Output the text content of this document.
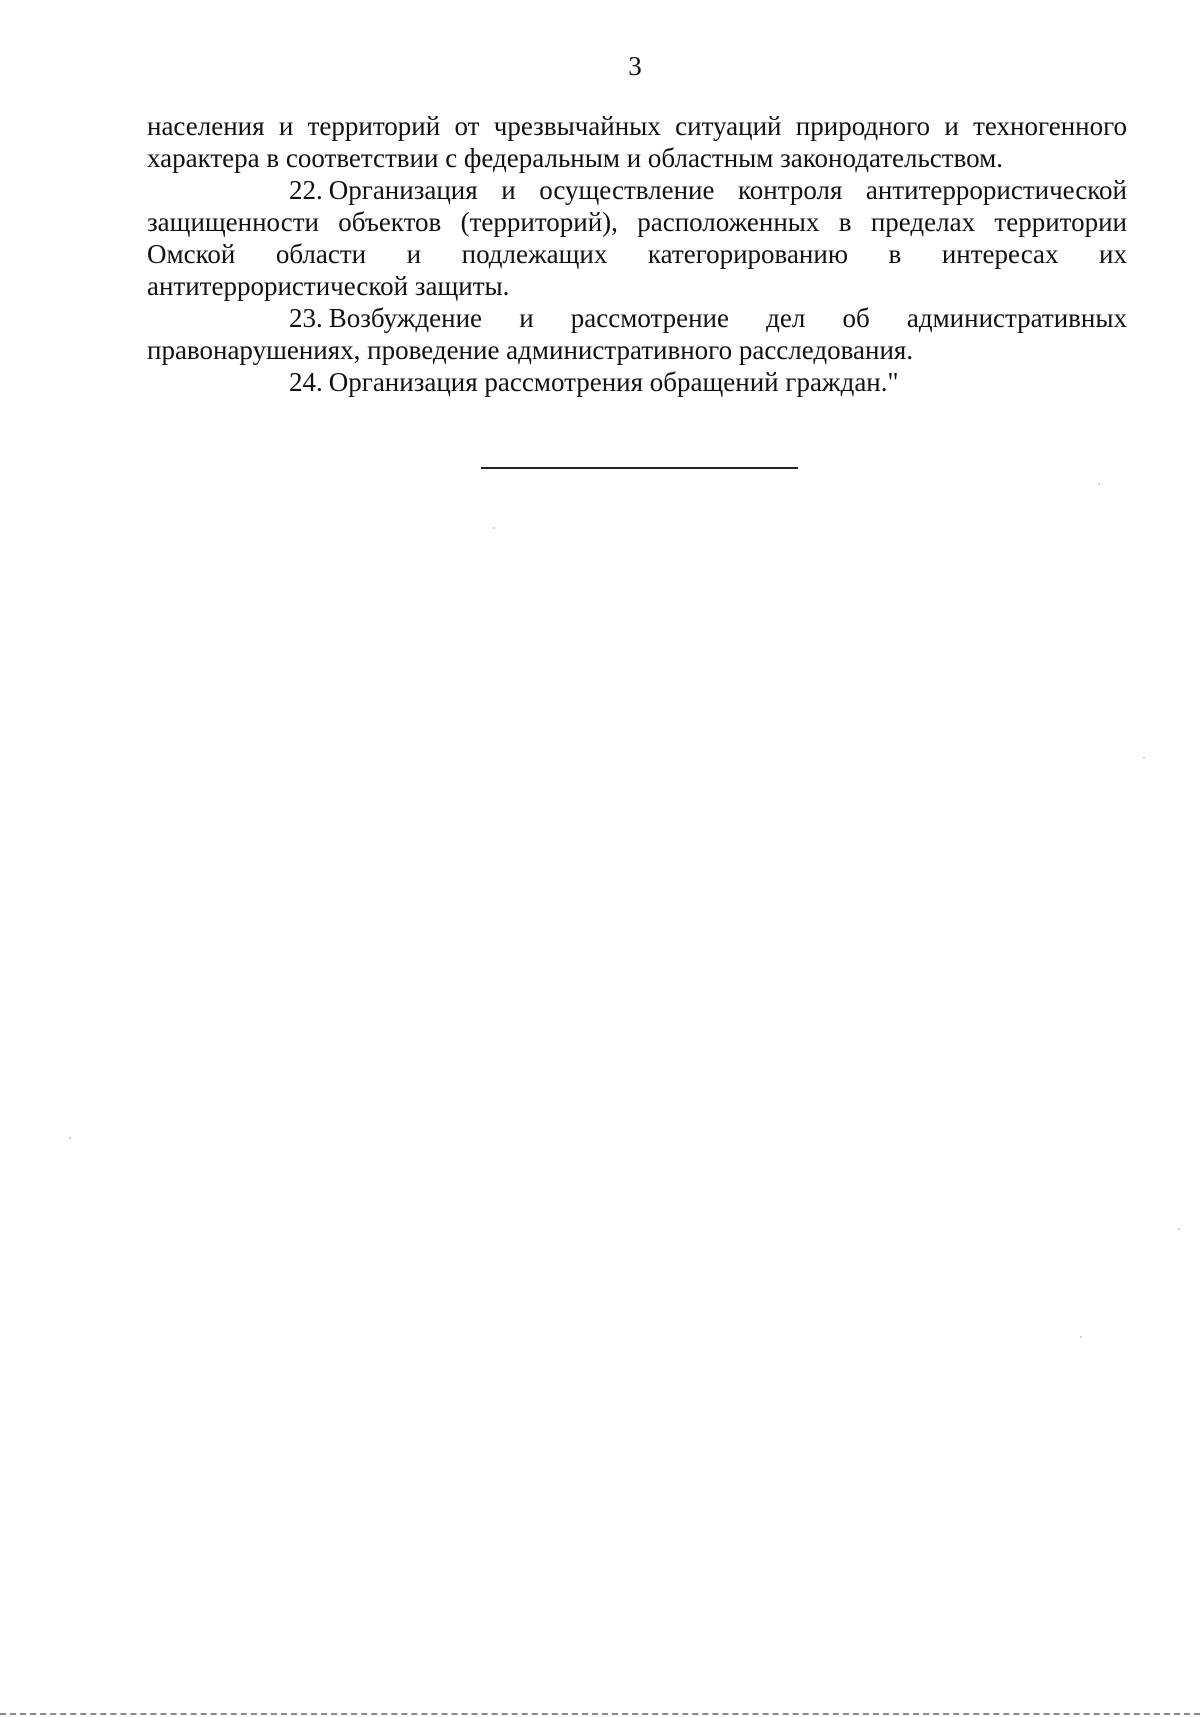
3

населения и территорий от чрезвычайных ситуаций природного и техногенного характера в соответствии с федеральным и областным законодательством.

22. Организация и осуществление контроля антитеррористической защищенности объектов (территорий), расположенных в пределах территории Омской области и подлежащих категорированию в интересах их антитеррористической защиты.

23. Возбуждение и рассмотрение дел об административных правонарушениях, проведение административного расследования.

24. Организация рассмотрения обращений граждан."
